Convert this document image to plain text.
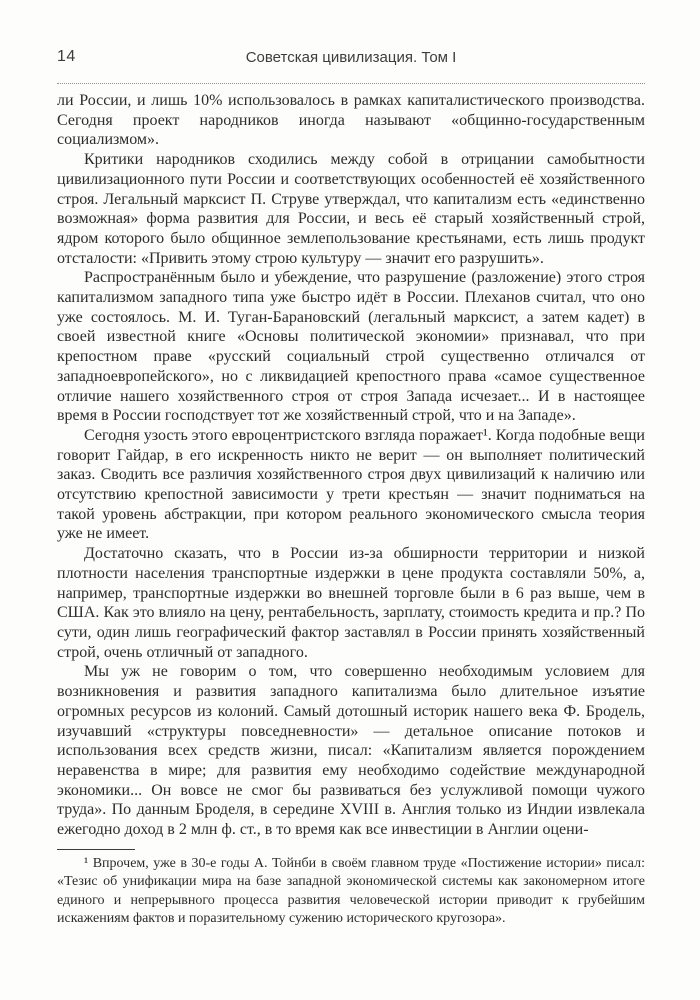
14	Советская цивилизация. Том I

ли России, и лишь 10% использовалось в рамках капиталистического производства. Сегодня проект народников иногда называют «общинно-государственным социализмом».

Критики народников сходились между собой в отрицании самобытности цивилизационного пути России и соответствующих особенностей её хозяйственного строя. Легальный марксист П. Струве утверждал, что капитализм есть «единственно возможная» форма развития для России, и весь её старый хозяйственный строй, ядром которого было общинное землепользование крестьянами, есть лишь продукт отсталости: «Привить этому строю культуру — значит его разрушить».

Распространённым было и убеждение, что разрушение (разложение) этого строя капитализмом западного типа уже быстро идёт в России. Плеханов считал, что оно уже состоялось. М. И. Туган-Барановский (легальный марксист, а затем кадет) в своей известной книге «Основы политической экономии» признавал, что при крепостном праве «русский социальный строй существенно отличался от западноевропейского», но с ликвидацией крепостного права «самое существенное отличие нашего хозяйственного строя от строя Запада исчезает... И в настоящее время в России господствует тот же хозяйственный строй, что и на Западе».

Сегодня узость этого евроцентристского взгляда поражает¹. Когда подобные вещи говорит Гайдар, в его искренность никто не верит — он выполняет политический заказ. Сводить все различия хозяйственного строя двух цивилизаций к наличию или отсутствию крепостной зависимости у трети крестьян — значит подниматься на такой уровень абстракции, при котором реального экономического смысла теория уже не имеет.

Достаточно сказать, что в России из-за обширности территории и низкой плотности населения транспортные издержки в цене продукта составляли 50%, а, например, транспортные издержки во внешней торговле были в 6 раз выше, чем в США. Как это влияло на цену, рентабельность, зарплату, стоимость кредита и пр.? По сути, один лишь географический фактор заставлял в России принять хозяйственный строй, очень отличный от западного.

Мы уж не говорим о том, что совершенно необходимым условием для возникновения и развития западного капитализма было длительное изъятие огромных ресурсов из колоний. Самый дотошный историк нашего века Ф. Бродель, изучавший «структуры повседневности» — детальное описание потоков и использования всех средств жизни, писал: «Капитализм является порождением неравенства в мире; для развития ему необходимо содействие международной экономики... Он вовсе не смог бы развиваться без услужливой помощи чужого труда». По данным Броделя, в середине XVIII в. Англия только из Индии извлекала ежегодно доход в 2 млн ф. ст., в то время как все инвестиции в Англии оцени-

¹ Впрочем, уже в 30-е годы А. Тойнби в своём главном труде «Постижение истории» писал: «Тезис об унификации мира на базе западной экономической системы как закономерном итоге единого и непрерывного процесса развития человеческой истории приводит к грубейшим искажениям фактов и поразительному сужению исторического кругозора».
